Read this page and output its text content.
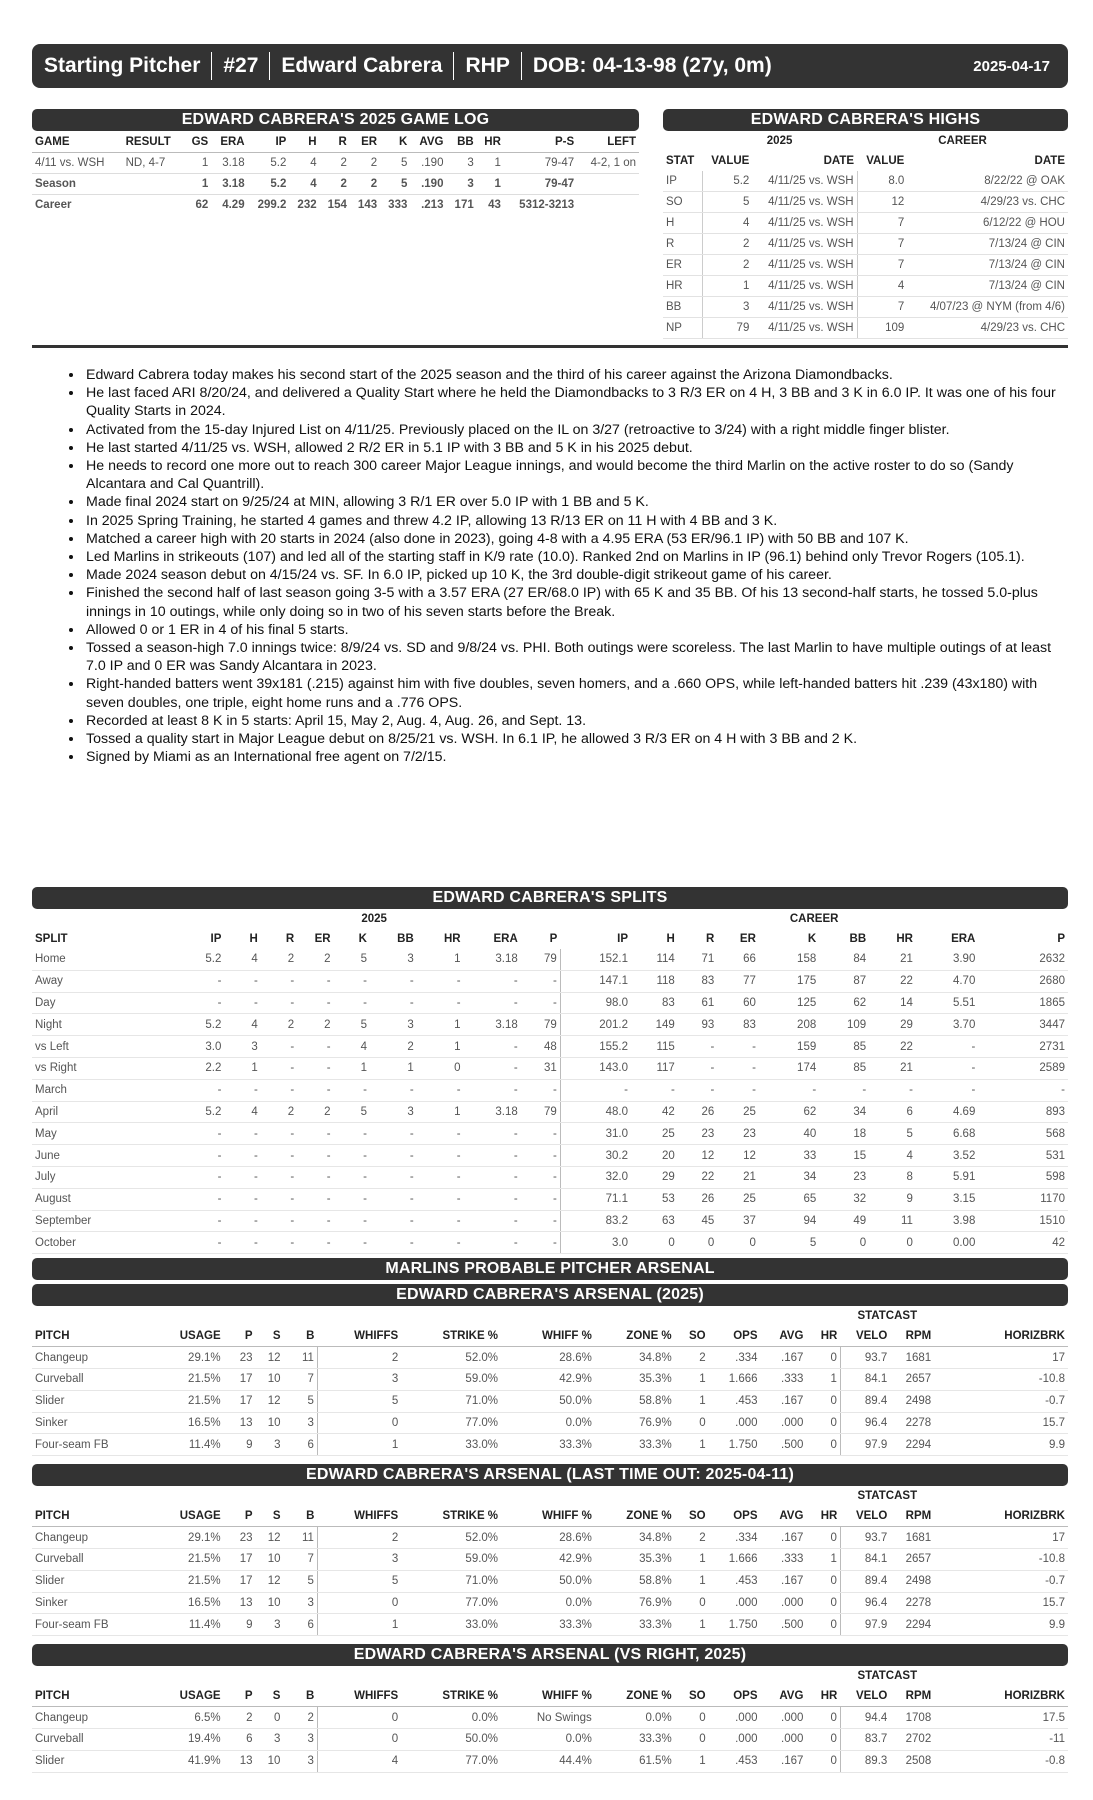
Starting Pitcher #27 Edward Cabrera RHP DOB: 04-13-98 (27y, 0m)	2025-04-17
EDWARD CABRERA'S 2025 GAME LOG
GAME	RESULT	GS	ERA	IP	H	R	ER	K	AVG	BB	HR	P-S	LEFT
4/11 vs. WSH	ND, 4-7	1	3.18	5.2	4	2	2	5	.190	3	1	79-47	4-2, 1 on
Season		1	3.18	5.2	4	2	2	5	.190	3	1	79-47	
Career		62	4.29	299.2	232	154	143	333	.213	171	43	5312-3213	
EDWARD CABRERA'S HIGHS
	2025		CAREER	
STAT	VALUE	DATE	VALUE	DATE
IP	5.2	4/11/25 vs. WSH	8.0	8/22/22 @ OAK
SO	5	4/11/25 vs. WSH	12	4/29/23 vs. CHC
H	4	4/11/25 vs. WSH	7	6/12/22 @ HOU
R	2	4/11/25 vs. WSH	7	7/13/24 @ CIN
ER	2	4/11/25 vs. WSH	7	7/13/24 @ CIN
HR	1	4/11/25 vs. WSH	4	7/13/24 @ CIN
BB	3	4/11/25 vs. WSH	7	4/07/23 @ NYM (from 4/6)
NP	79	4/11/25 vs. WSH	109	4/29/23 vs. CHC
• Edward Cabrera today makes his second start of the 2025 season and the third of his career against the Arizona Diamondbacks.
• He last faced ARI 8/20/24, and delivered a Quality Start where he held the Diamondbacks to 3 R/3 ER on 4 H, 3 BB and 3 K in 6.0 IP. It was one of his four Quality Starts in 2024.
• Activated from the 15-day Injured List on 4/11/25. Previously placed on the IL on 3/27 (retroactive to 3/24) with a right middle finger blister.
• He last started 4/11/25 vs. WSH, allowed 2 R/2 ER in 5.1 IP with 3 BB and 5 K in his 2025 debut.
• He needs to record one more out to reach 300 career Major League innings, and would become the third Marlin on the active roster to do so (Sandy Alcantara and Cal Quantrill).
• Made final 2024 start on 9/25/24 at MIN, allowing 3 R/1 ER over 5.0 IP with 1 BB and 5 K.
• In 2025 Spring Training, he started 4 games and threw 4.2 IP, allowing 13 R/13 ER on 11 H with 4 BB and 3 K.
• Matched a career high with 20 starts in 2024 (also done in 2023), going 4-8 with a 4.95 ERA (53 ER/96.1 IP) with 50 BB and 107 K.
• Led Marlins in strikeouts (107) and led all of the starting staff in K/9 rate (10.0). Ranked 2nd on Marlins in IP (96.1) behind only Trevor Rogers (105.1).
• Made 2024 season debut on 4/15/24 vs. SF. In 6.0 IP, picked up 10 K, the 3rd double-digit strikeout game of his career.
• Finished the second half of last season going 3-5 with a 3.57 ERA (27 ER/68.0 IP) with 65 K and 35 BB. Of his 13 second-half starts, he tossed 5.0-plus innings in 10 outings, while only doing so in two of his seven starts before the Break.
• Allowed 0 or 1 ER in 4 of his final 5 starts.
• Tossed a season-high 7.0 innings twice: 8/9/24 vs. SD and 9/8/24 vs. PHI. Both outings were scoreless. The last Marlin to have multiple outings of at least 7.0 IP and 0 ER was Sandy Alcantara in 2023.
• Right-handed batters went 39x181 (.215) against him with five doubles, seven homers, and a .660 OPS, while left-handed batters hit .239 (43x180) with seven doubles, one triple, eight home runs and a .776 OPS.
• Recorded at least 8 K in 5 starts: April 15, May 2, Aug. 4, Aug. 26, and Sept. 13.
• Tossed a quality start in Major League debut on 8/25/21 vs. WSH. In 6.1 IP, he allowed 3 R/3 ER on 4 H with 3 BB and 2 K.
• Signed by Miami as an International free agent on 7/2/15.
EDWARD CABRERA'S SPLITS
	2025									CAREER								
SPLIT	IP	H	R	ER	K	BB	HR	ERA	P	IP	H	R	ER	K	BB	HR	ERA	P
Home	5.2	4	2	2	5	3	1	3.18	79	152.1	114	71	66	158	84	21	3.90	2632
Away	-	-	-	-	-	-	-	-	-	147.1	118	83	77	175	87	22	4.70	2680
Day	-	-	-	-	-	-	-	-	-	98.0	83	61	60	125	62	14	5.51	1865
Night	5.2	4	2	2	5	3	1	3.18	79	201.2	149	93	83	208	109	29	3.70	3447
vs Left	3.0	3	-	-	4	2	1	-	48	155.2	115	-	-	159	85	22	-	2731
vs Right	2.2	1	-	-	1	1	0	-	31	143.0	117	-	-	174	85	21	-	2589
March	-	-	-	-	-	-	-	-	-	-	-	-	-	-	-	-	-	-
April	5.2	4	2	2	5	3	1	3.18	79	48.0	42	26	25	62	34	6	4.69	893
May	-	-	-	-	-	-	-	-	-	31.0	25	23	23	40	18	5	6.68	568
June	-	-	-	-	-	-	-	-	-	30.2	20	12	12	33	15	4	3.52	531
July	-	-	-	-	-	-	-	-	-	32.0	29	22	21	34	23	8	5.91	598
August	-	-	-	-	-	-	-	-	-	71.1	53	26	25	65	32	9	3.15	1170
September	-	-	-	-	-	-	-	-	-	83.2	63	45	37	94	49	11	3.98	1510
October	-	-	-	-	-	-	-	-	-	3.0	0	0	0	5	0	0	0.00	42
MARLINS PROBABLE PITCHER ARSENAL
EDWARD CABRERA'S ARSENAL (2025)
													STATCAST		
PITCH	USAGE	P	S	B	WHIFFS	STRIKE %	WHIFF %	ZONE %	SO	OPS	AVG	HR	VELO	RPM	HORIZBRK
Changeup	29.1%	23	12	11	2	52.0%	28.6%	34.8%	2	.334	.167	0	93.7	1681	17
Curveball	21.5%	17	10	7	3	59.0%	42.9%	35.3%	1	1.666	.333	1	84.1	2657	-10.8
Slider	21.5%	17	12	5	5	71.0%	50.0%	58.8%	1	.453	.167	0	89.4	2498	-0.7
Sinker	16.5%	13	10	3	0	77.0%	0.0%	76.9%	0	.000	.000	0	96.4	2278	15.7
Four-seam FB	11.4%	9	3	6	1	33.0%	33.3%	33.3%	1	1.750	.500	0	97.9	2294	9.9
EDWARD CABRERA'S ARSENAL (LAST TIME OUT: 2025-04-11)
													STATCAST		
PITCH	USAGE	P	S	B	WHIFFS	STRIKE %	WHIFF %	ZONE %	SO	OPS	AVG	HR	VELO	RPM	HORIZBRK
Changeup	29.1%	23	12	11	2	52.0%	28.6%	34.8%	2	.334	.167	0	93.7	1681	17
Curveball	21.5%	17	10	7	3	59.0%	42.9%	35.3%	1	1.666	.333	1	84.1	2657	-10.8
Slider	21.5%	17	12	5	5	71.0%	50.0%	58.8%	1	.453	.167	0	89.4	2498	-0.7
Sinker	16.5%	13	10	3	0	77.0%	0.0%	76.9%	0	.000	.000	0	96.4	2278	15.7
Four-seam FB	11.4%	9	3	6	1	33.0%	33.3%	33.3%	1	1.750	.500	0	97.9	2294	9.9
EDWARD CABRERA'S ARSENAL (VS RIGHT, 2025)
													STATCAST		
PITCH	USAGE	P	S	B	WHIFFS	STRIKE %	WHIFF %	ZONE %	SO	OPS	AVG	HR	VELO	RPM	HORIZBRK
Changeup	6.5%	2	0	2	0	0.0%	No Swings	0.0%	0	.000	.000	0	94.4	1708	17.5
Curveball	19.4%	6	3	3	0	50.0%	0.0%	33.3%	0	.000	.000	0	83.7	2702	-11
Slider	41.9%	13	10	3	4	77.0%	44.4%	61.5%	1	.453	.167	0	89.3	2508	-0.8
